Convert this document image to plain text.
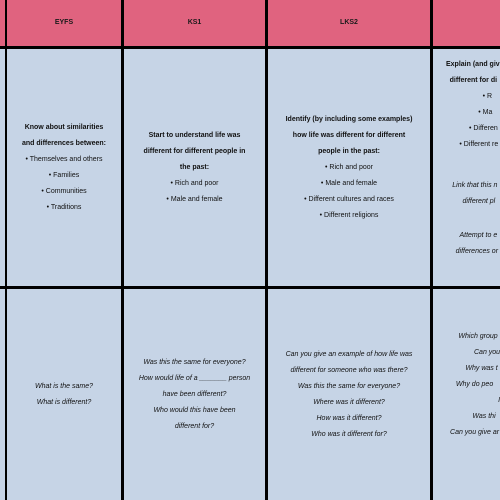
EYFS	KS1	LKS2
Know about similarities
and differences between:
• Themselves and others
• Families
• Communities
• Traditions
Start to understand life was
different for different people in
the past:
• Rich and poor
• Male and female
Identify (by including some examples)
how life was different for different
people in the past:
• Rich and poor
• Male and female
• Different cultures and races
• Different religions
Explain (and giv
different for di
• R
• Ma
• Differen
• Different re
Link that this n
different pl
Attempt to e
differences or
What is the same?
What is different?
Was this the same for everyone?
How would life of a _______ person
have been different?
Who would this have been
different for?
Can you give an example of how life was
different for someone who was there?
Was this the same for everyone?
Where was it different?
How was it different?
Who was it different for?
Which group
Can you
Why was t
Why do peo
I
Was thi
Can you give ar
